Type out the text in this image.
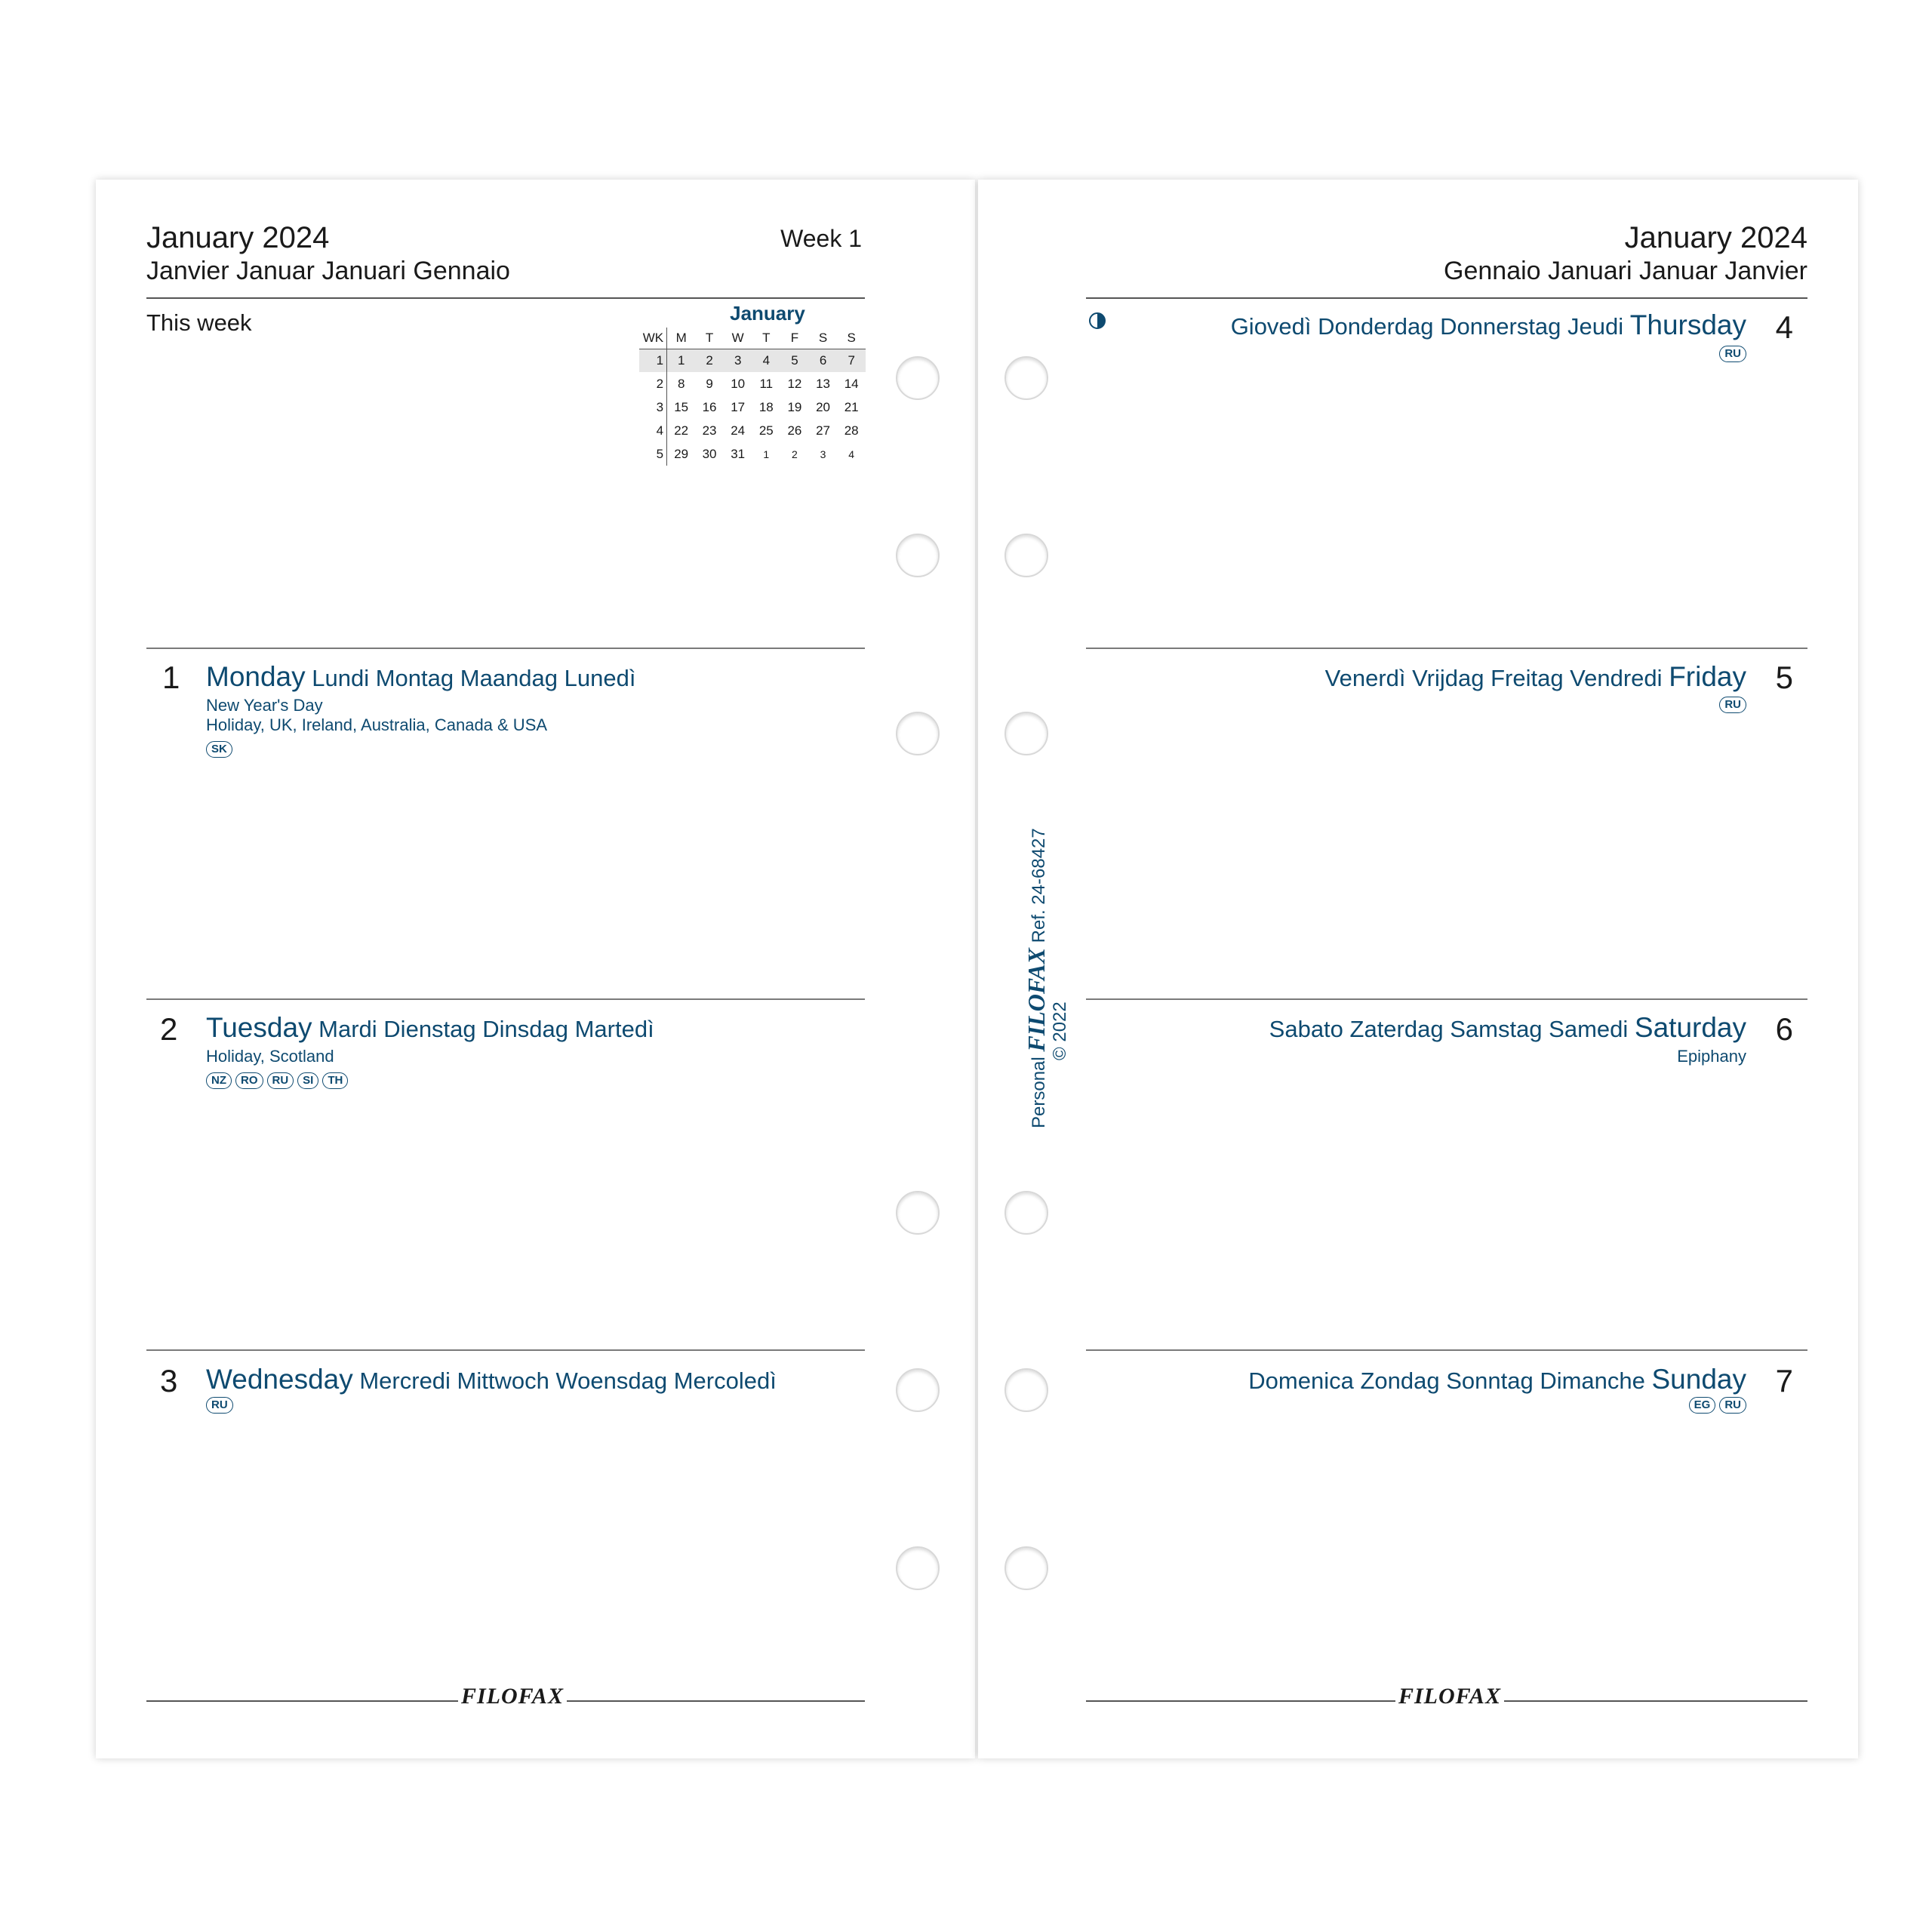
January 2024
Janvier Januar Januari Gennaio
Week 1
This week	January
WK	M	T	W	T	F	S	S
1	1	2	3	4	5	6	7
2	8	9	10	11	12	13	14
3	15	16	17	18	19	20	21
4	22	23	24	25	26	27	28
5	29	30	31	1	2	3	4
1 Monday Lundi Montag Maandag Lunedì
New Year's Day
Holiday, UK, Ireland, Australia, Canada & USA
SK
2 Tuesday Mardi Dienstag Dinsdag Martedì
Holiday, Scotland
NZ	RO	RU	SI	TH
3 Wednesday Mercredi Mittwoch Woensdag Mercoledì
RU
FILOFAX
January 2024
Gennaio Januari Januar Janvier
Giovedì Donderdag Donnerstag Jeudi Thursday 4
RU
Venerdì Vrijdag Freitag Vendredi Friday 5
RU
Sabato Zaterdag Samstag Samedi Saturday 6
Epiphany
Domenica Zondag Sonntag Dimanche Sunday 7
EG	RU
FILOFAX
Personal FILOFAX Ref. 24-68427
© 2022
